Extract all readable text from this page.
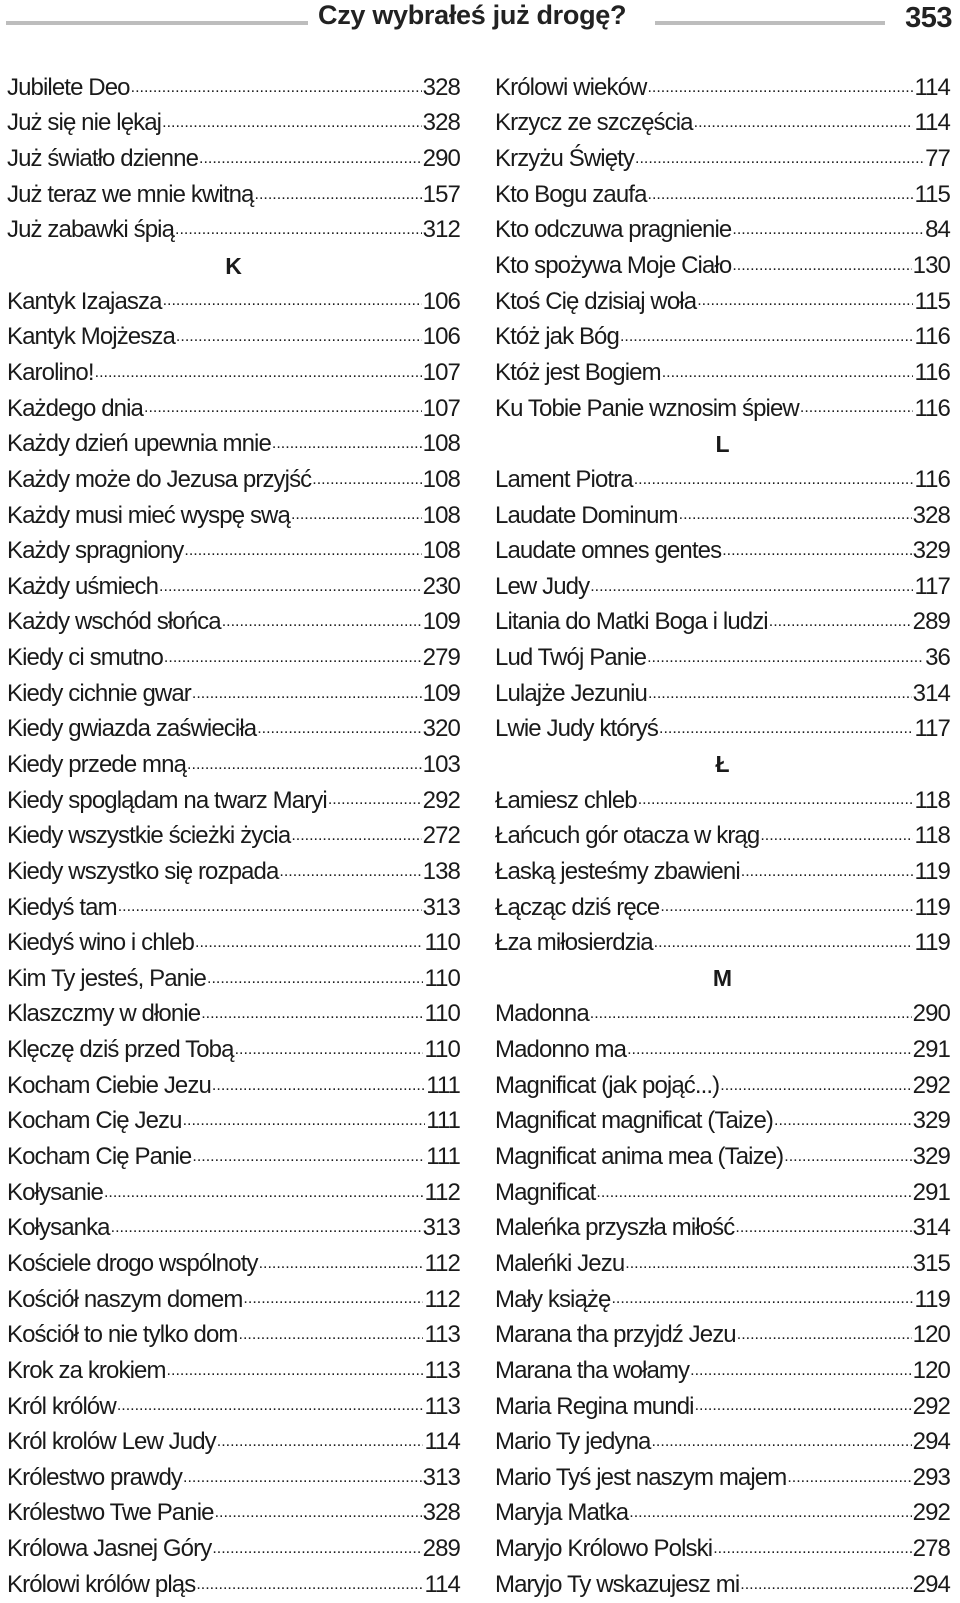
Czy wybrałeś już drogę?	353
Jubilete Deo .....	328
Już się nie lękaj .....	328
Już światło dzienne .....	290
Już teraz we mnie kwitną .....	157
Już zabawki śpią .....	312
K
Kantyk Izajasza .....	106
Kantyk Mojżesza .....	106
Karolino! .....	107
Każdego dnia .....	107
Każdy dzień upewnia mnie .....	108
Każdy może do Jezusa przyjść .....	108
Każdy musi mieć wyspę swą .....	108
Każdy spragniony .....	108
Każdy uśmiech .....	230
Każdy wschód słońca .....	109
Kiedy ci smutno .....	279
Kiedy cichnie gwar .....	109
Kiedy gwiazda zaświeciła .....	320
Kiedy przede mną .....	103
Kiedy spoglądam na twarz Maryi .....	292
Kiedy wszystkie ścieżki życia .....	272
Kiedy wszystko się rozpada .....	138
Kiedyś tam .....	313
Kiedyś wino i chleb .....	110
Kim Ty jesteś, Panie .....	110
Klaszczmy w dłonie .....	110
Klęczę dziś przed Tobą .....	110
Kocham Ciebie Jezu .....	111
Kocham Cię Jezu .....	111
Kocham Cię Panie .....	111
Kołysanie .....	112
Kołysanka .....	313
Kościele drogo wspólnoty .....	112
Kościół naszym domem .....	112
Kościół to nie tylko dom .....	113
Krok za krokiem .....	113
Król królów .....	113
Król krolów Lew Judy .....	114
Królestwo prawdy .....	313
Królestwo Twe Panie .....	328
Królowa Jasnej Góry .....	289
Królowi królów pląs .....	114
Królowi wieków .....	114
Krzycz ze szczęścia .....	114
Krzyżu Święty .....	77
Kto Bogu zaufa .....	115
Kto odczuwa pragnienie .....	84
Kto spożywa Moje Ciało .....	130
Ktoś Cię dzisiaj woła .....	115
Któż jak Bóg .....	116
Któż jest Bogiem .....	116
Ku Tobie Panie wznosim śpiew .....	116
L
Lament Piotra .....	116
Laudate Dominum .....	328
Laudate omnes gentes .....	329
Lew Judy .....	117
Litania do Matki Boga i ludzi .....	289
Lud Twój Panie .....	36
Lulajże Jezuniu .....	314
Lwie Judy któryś .....	117
Ł
Łamiesz chleb .....	118
Łańcuch gór otacza w krąg .....	118
Łaską jesteśmy zbawieni .....	119
Łącząc dziś ręce .....	119
Łza miłosierdzia .....	119
M
Madonna .....	290
Madonno ma .....	291
Magnificat (jak pojąć...) .....	292
Magnificat magnificat (Taize) .....	329
Magnificat anima mea (Taize) .....	329
Magnificat .....	291
Maleńka przyszła miłość .....	314
Maleńki Jezu .....	315
Mały książę .....	119
Marana tha przyjdź Jezu .....	120
Marana tha wołamy .....	120
Maria Regina mundi .....	292
Mario Ty jedyna .....	294
Mario Tyś jest naszym majem .....	293
Maryja Matka .....	292
Maryjo Królowo Polski .....	278
Maryjo Ty wskazujesz mi .....	294
